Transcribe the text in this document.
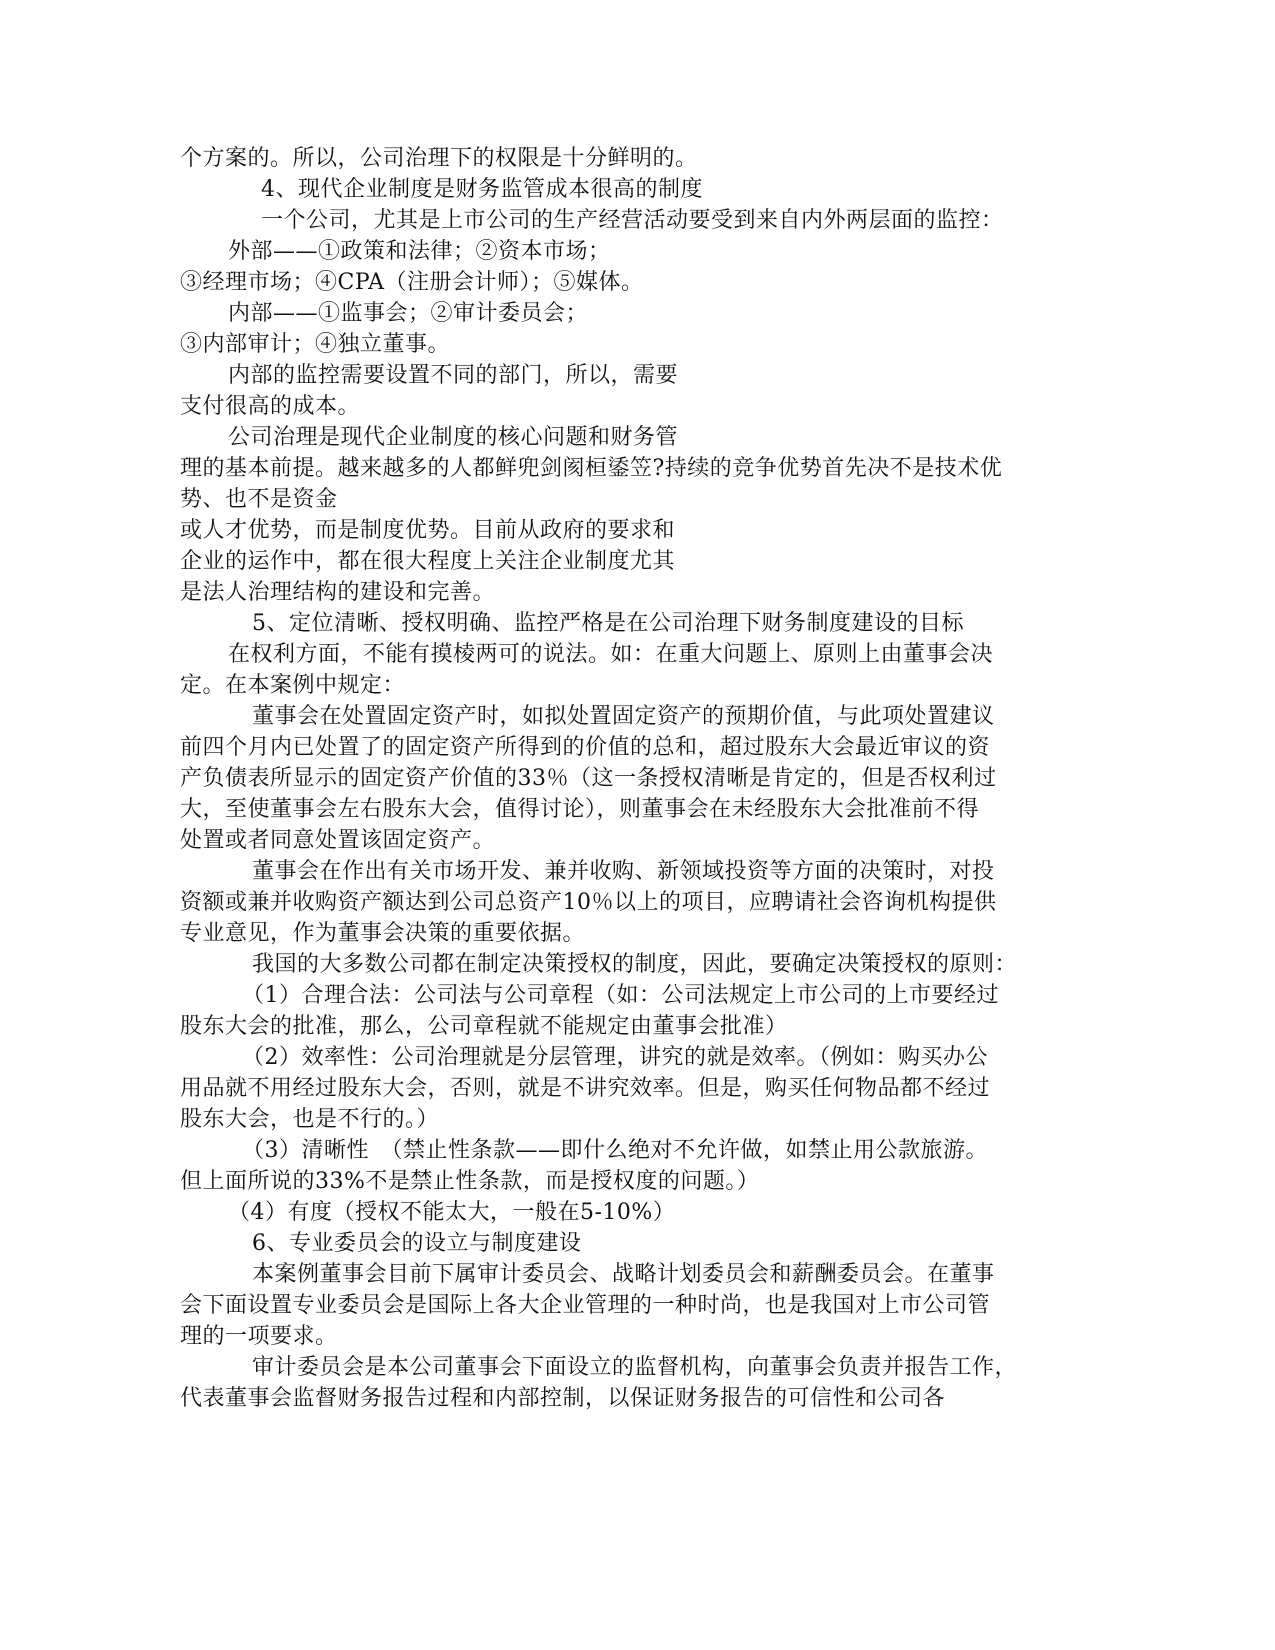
个方案的。所以，公司治理下的权限是十分鲜明的。
4、现代企业制度是财务监管成本很高的制度
一个公司，尤其是上市公司的生产经营活动要受到来自内外两层面的监控：
外部——①政策和法律；②资本市场；
③经理市场；④CPA（注册会计师）；⑤媒体。
内部——①监事会；②审计委员会；
③内部审计；④独立董事。
内部的监控需要设置不同的部门，所以，需要
支付很高的成本。
公司治理是现代企业制度的核心问题和财务管
理的基本前提。越来越多的人都鲜兜剑阂桓鋈笠?持续的竞争优势首先决不是技术优
势、也不是资金
或人才优势，而是制度优势。目前从政府的要求和
企业的运作中，都在很大程度上关注企业制度尤其
是法人治理结构的建设和完善。
5、定位清晰、授权明确、监控严格是在公司治理下财务制度建设的目标
在权利方面，不能有摸棱两可的说法。如：在重大问题上、原则上由董事会决
定。在本案例中规定：
董事会在处置固定资产时，如拟处置固定资产的预期价值，与此项处置建议
前四个月内已处置了的固定资产所得到的价值的总和，超过股东大会最近审议的资
产负债表所显示的固定资产价值的33％（这一条授权清晰是肯定的，但是否权利过
大，至使董事会左右股东大会，值得讨论），则董事会在未经股东大会批准前不得
处置或者同意处置该固定资产。
董事会在作出有关市场开发、兼并收购、新领域投资等方面的决策时，对投
资额或兼并收购资产额达到公司总资产10％以上的项目，应聘请社会咨询机构提供
专业意见，作为董事会决策的重要依据。
我国的大多数公司都在制定决策授权的制度，因此，要确定决策授权的原则：
（1）合理合法：公司法与公司章程（如：公司法规定上市公司的上市要经过
股东大会的批准，那么，公司章程就不能规定由董事会批准）
（2）效率性：公司治理就是分层管理，讲究的就是效率。（例如：购买办公
用品就不用经过股东大会，否则，就是不讲究效率。但是，购买任何物品都不经过
股东大会，也是不行的。）
（3）清晰性　（禁止性条款——即什么绝对不允许做，如禁止用公款旅游。
但上面所说的33%不是禁止性条款，而是授权度的问题。）
（4）有度（授权不能太大，一般在5-10%）
6、专业委员会的设立与制度建设
本案例董事会目前下属审计委员会、战略计划委员会和薪酬委员会。在董事
会下面设置专业委员会是国际上各大企业管理的一种时尚，也是我国对上市公司管
理的一项要求。
审计委员会是本公司董事会下面设立的监督机构，向董事会负责并报告工作，
代表董事会监督财务报告过程和内部控制，以保证财务报告的可信性和公司各
